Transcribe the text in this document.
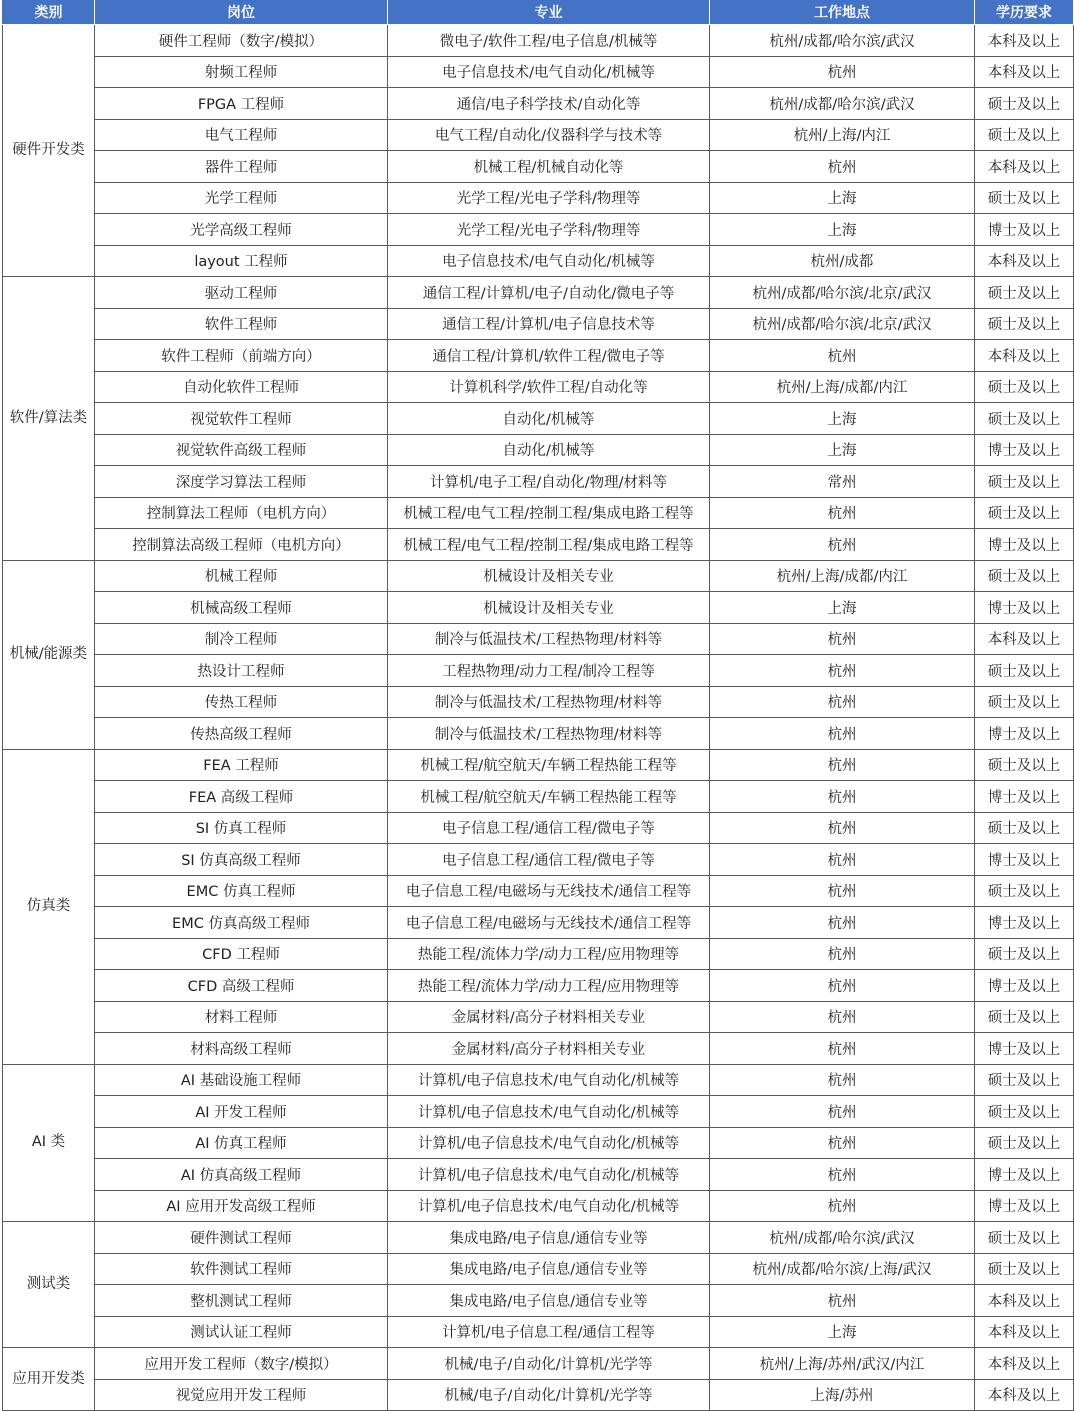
类别	岗位	专业	工作地点	学历要求
硬件开发类	硬件工程师（数字/模拟）	微电子/软件工程/电子信息/机械等	杭州/成都/哈尔滨/武汉	本科及以上
	射频工程师	电子信息技术/电气自动化/机械等	杭州	本科及以上
	FPGA 工程师	通信/电子科学技术/自动化等	杭州/成都/哈尔滨/武汉	硕士及以上
	电气工程师	电气工程/自动化/仪器科学与技术等	杭州/上海/内江	硕士及以上
	器件工程师	机械工程/机械自动化等	杭州	本科及以上
	光学工程师	光学工程/光电子学科/物理等	上海	硕士及以上
	光学高级工程师	光学工程/光电子学科/物理等	上海	博士及以上
	layout 工程师	电子信息技术/电气自动化/机械等	杭州/成都	本科及以上
软件/算法类	驱动工程师	通信工程/计算机/电子/自动化/微电子等	杭州/成都/哈尔滨/北京/武汉	硕士及以上
	软件工程师	通信工程/计算机/电子信息技术等	杭州/成都/哈尔滨/北京/武汉	硕士及以上
	软件工程师（前端方向）	通信工程/计算机/软件工程/微电子等	杭州	本科及以上
	自动化软件工程师	计算机科学/软件工程/自动化等	杭州/上海/成都/内江	硕士及以上
	视觉软件工程师	自动化/机械等	上海	硕士及以上
	视觉软件高级工程师	自动化/机械等	上海	博士及以上
	深度学习算法工程师	计算机/电子工程/自动化/物理/材料等	常州	硕士及以上
	控制算法工程师（电机方向）	机械工程/电气工程/控制工程/集成电路工程等	杭州	硕士及以上
	控制算法高级工程师（电机方向）	机械工程/电气工程/控制工程/集成电路工程等	杭州	博士及以上
机械/能源类	机械工程师	机械设计及相关专业	杭州/上海/成都/内江	硕士及以上
	机械高级工程师	机械设计及相关专业	上海	博士及以上
	制冷工程师	制冷与低温技术/工程热物理/材料等	杭州	本科及以上
	热设计工程师	工程热物理/动力工程/制冷工程等	杭州	硕士及以上
	传热工程师	制冷与低温技术/工程热物理/材料等	杭州	硕士及以上
	传热高级工程师	制冷与低温技术/工程热物理/材料等	杭州	博士及以上
仿真类	FEA 工程师	机械工程/航空航天/车辆工程热能工程等	杭州	硕士及以上
	FEA 高级工程师	机械工程/航空航天/车辆工程热能工程等	杭州	博士及以上
	SI 仿真工程师	电子信息工程/通信工程/微电子等	杭州	硕士及以上
	SI 仿真高级工程师	电子信息工程/通信工程/微电子等	杭州	博士及以上
	EMC 仿真工程师	电子信息工程/电磁场与无线技术/通信工程等	杭州	硕士及以上
	EMC 仿真高级工程师	电子信息工程/电磁场与无线技术/通信工程等	杭州	博士及以上
	CFD 工程师	热能工程/流体力学/动力工程/应用物理等	杭州	硕士及以上
	CFD 高级工程师	热能工程/流体力学/动力工程/应用物理等	杭州	博士及以上
	材料工程师	金属材料/高分子材料相关专业	杭州	硕士及以上
	材料高级工程师	金属材料/高分子材料相关专业	杭州	博士及以上
AI 类	AI 基础设施工程师	计算机/电子信息技术/电气自动化/机械等	杭州	硕士及以上
	AI 开发工程师	计算机/电子信息技术/电气自动化/机械等	杭州	硕士及以上
	AI 仿真工程师	计算机/电子信息技术/电气自动化/机械等	杭州	硕士及以上
	AI 仿真高级工程师	计算机/电子信息技术/电气自动化/机械等	杭州	博士及以上
	AI 应用开发高级工程师	计算机/电子信息技术/电气自动化/机械等	杭州	博士及以上
测试类	硬件测试工程师	集成电路/电子信息/通信专业等	杭州/成都/哈尔滨/武汉	硕士及以上
	软件测试工程师	集成电路/电子信息/通信专业等	杭州/成都/哈尔滨/上海/武汉	硕士及以上
	整机测试工程师	集成电路/电子信息/通信专业等	杭州	本科及以上
	测试认证工程师	计算机/电子信息工程/通信工程等	上海	本科及以上
应用开发类	应用开发工程师（数字/模拟）	机械/电子/自动化/计算机/光学等	杭州/上海/苏州/武汉/内江	本科及以上
	视觉应用开发工程师	机械/电子/自动化/计算机/光学等	上海/苏州	本科及以上
